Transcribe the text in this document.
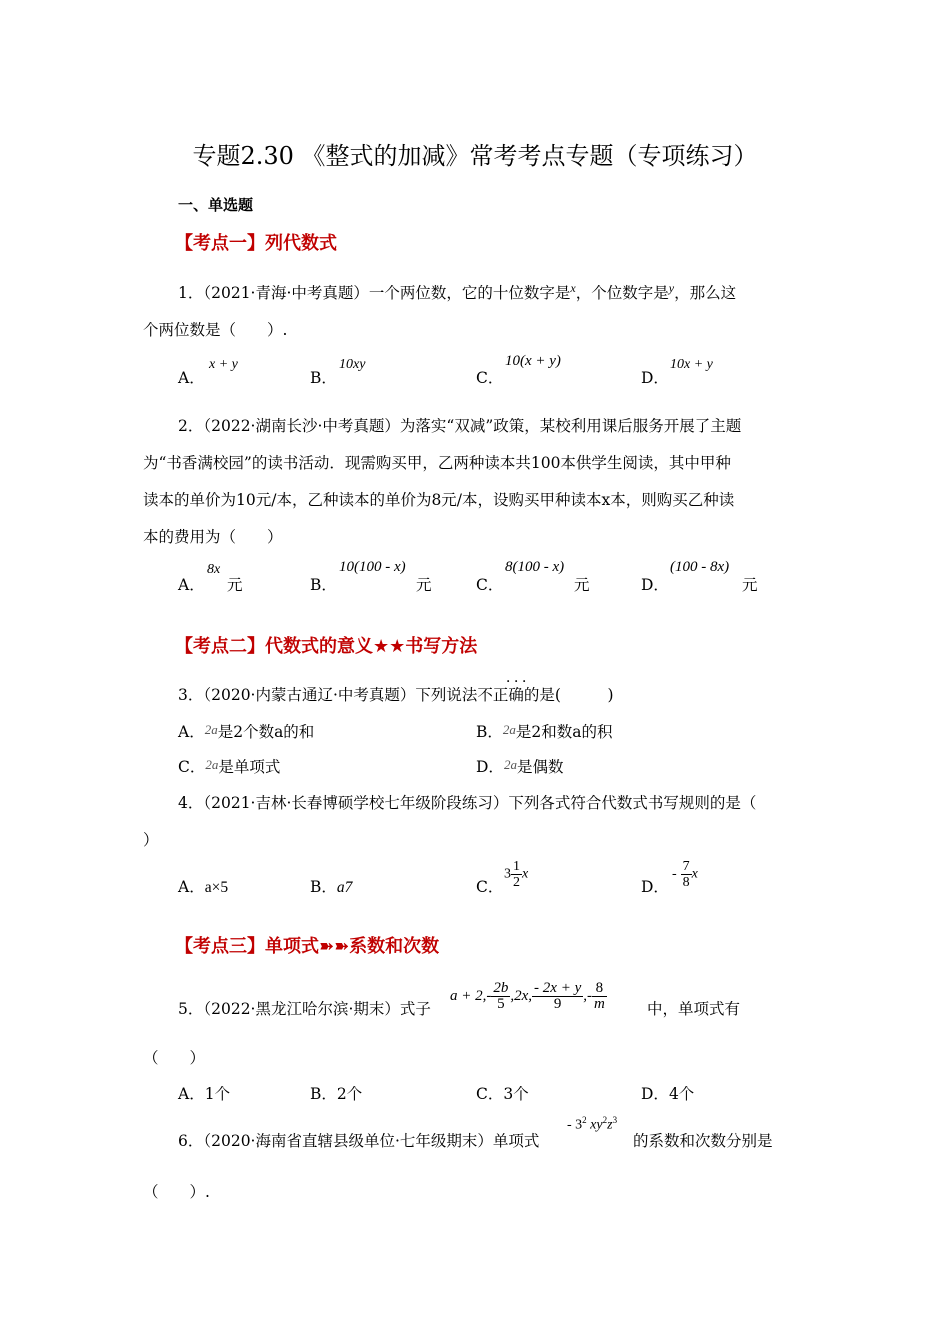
专题2.30 《整式的加减》常考考点专题（专项练习）
一、单选题
【考点一】列代数式
1．（2021·青海·中考真题）一个两位数，它的十位数字是$^x$，个位数字是$^y$，那么这
个两位数是（　　）.
A．
x + y
B．
10xy
C．
10(x + y)
D．
10x + y
2．（2022·湖南长沙·中考真题）为落实“双减”政策，某校利用课后服务开展了主题
为“书香满校园”的读书活动．现需购买甲，乙两种读本共100本供学生阅读，其中甲种
读本的单价为10元/本，乙种读本的单价为8元/本，设购买甲种读本x本，则购买乙种读
本的费用为（　　）
A．
8x
元	B．
10(100 - x)
元	C．
8(100 - x)
元	D．
(100 - 8x)
元
【考点二】代数式的意义★★书写方法
．．．
3．（2020·内蒙古通辽·中考真题）下列说法不正确的是(　　　)
A．2a是2个数a的和	B．2a是2和数a的积
C．2a是单项式	D．2a是偶数
4．（2021·吉林·长春博硕学校七年级阶段练习）下列各式符合代数式书写规则的是（
）
A．a×5	B．a7	C．
$3 \frac{1}{2}$ x
D．
- $\frac{7}{8}$ x
【考点三】单项式➽➽系数和次数
5．（2022·黑龙江哈尔滨·期末）式子
$a + 2,- \frac{2b}{5} ,2x$, $\frac{- 2x + y}{9}$ ,- $\frac{8}{m}$	中，单项式有
（　　）
A．1个	B．2个	C．3个	D．4个
6．（2020·海南省直辖县级单位·七年级期末）单项式
- $3^2$ $xy^2z^3$
的系数和次数分别是
（　　）.
